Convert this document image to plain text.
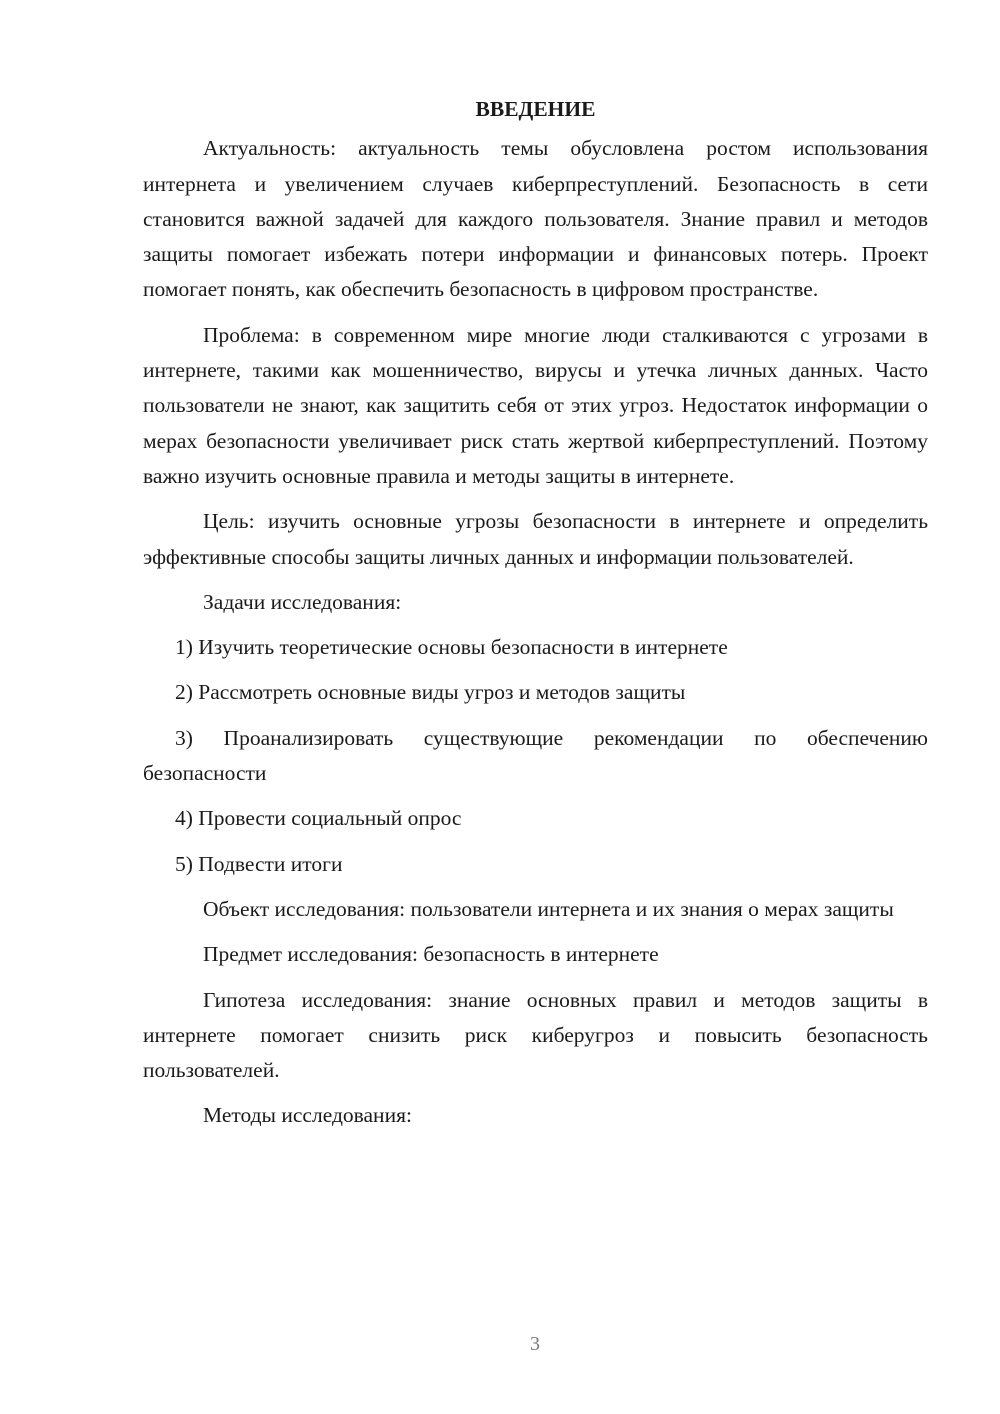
ВВЕДЕНИЕ

Актуальность: актуальность темы обусловлена ростом использования интернета и увеличением случаев киберпреступлений. Безопасность в сети становится важной задачей для каждого пользователя. Знание правил и методов защиты помогает избежать потери информации и финансовых потерь. Проект помогает понять, как обеспечить безопасность в цифровом пространстве.

Проблема: в современном мире многие люди сталкиваются с угрозами в интернете, такими как мошенничество, вирусы и утечка личных данных. Часто пользователи не знают, как защитить себя от этих угроз. Недостаток информации о мерах безопасности увеличивает риск стать жертвой киберпреступлений. Поэтому важно изучить основные правила и методы защиты в интернете.

Цель: изучить основные угрозы безопасности в интернете и определить эффективные способы защиты личных данных и информации пользователей.

Задачи исследования:

1) Изучить теоретические основы безопасности в интернете

2) Рассмотреть основные виды угроз и методов защиты

3) Проанализировать существующие рекомендации по обеспечению безопасности

4) Провести социальный опрос

5) Подвести итоги

Объект исследования: пользователи интернета и их знания о мерах защиты

Предмет исследования: безопасность в интернете

Гипотеза исследования: знание основных правил и методов защиты в интернете помогает снизить риск киберугроз и повысить безопасность пользователей.

Методы исследования:

3
